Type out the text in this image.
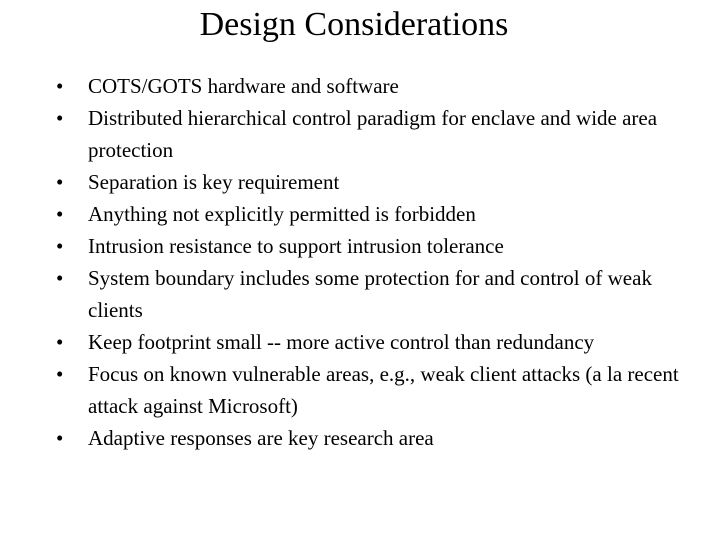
Design Considerations
•	COTS/GOTS hardware and software
•	Distributed hierarchical control paradigm for enclave and wide area protection
•	Separation is key requirement
•	Anything not explicitly permitted is forbidden
•	Intrusion resistance to support intrusion tolerance
•	System boundary includes some protection for and control of weak clients
•	Keep footprint small -- more active control than redundancy
•	Focus on known vulnerable areas, e.g., weak client attacks (a la recent attack against Microsoft)
•	Adaptive responses are key research area
